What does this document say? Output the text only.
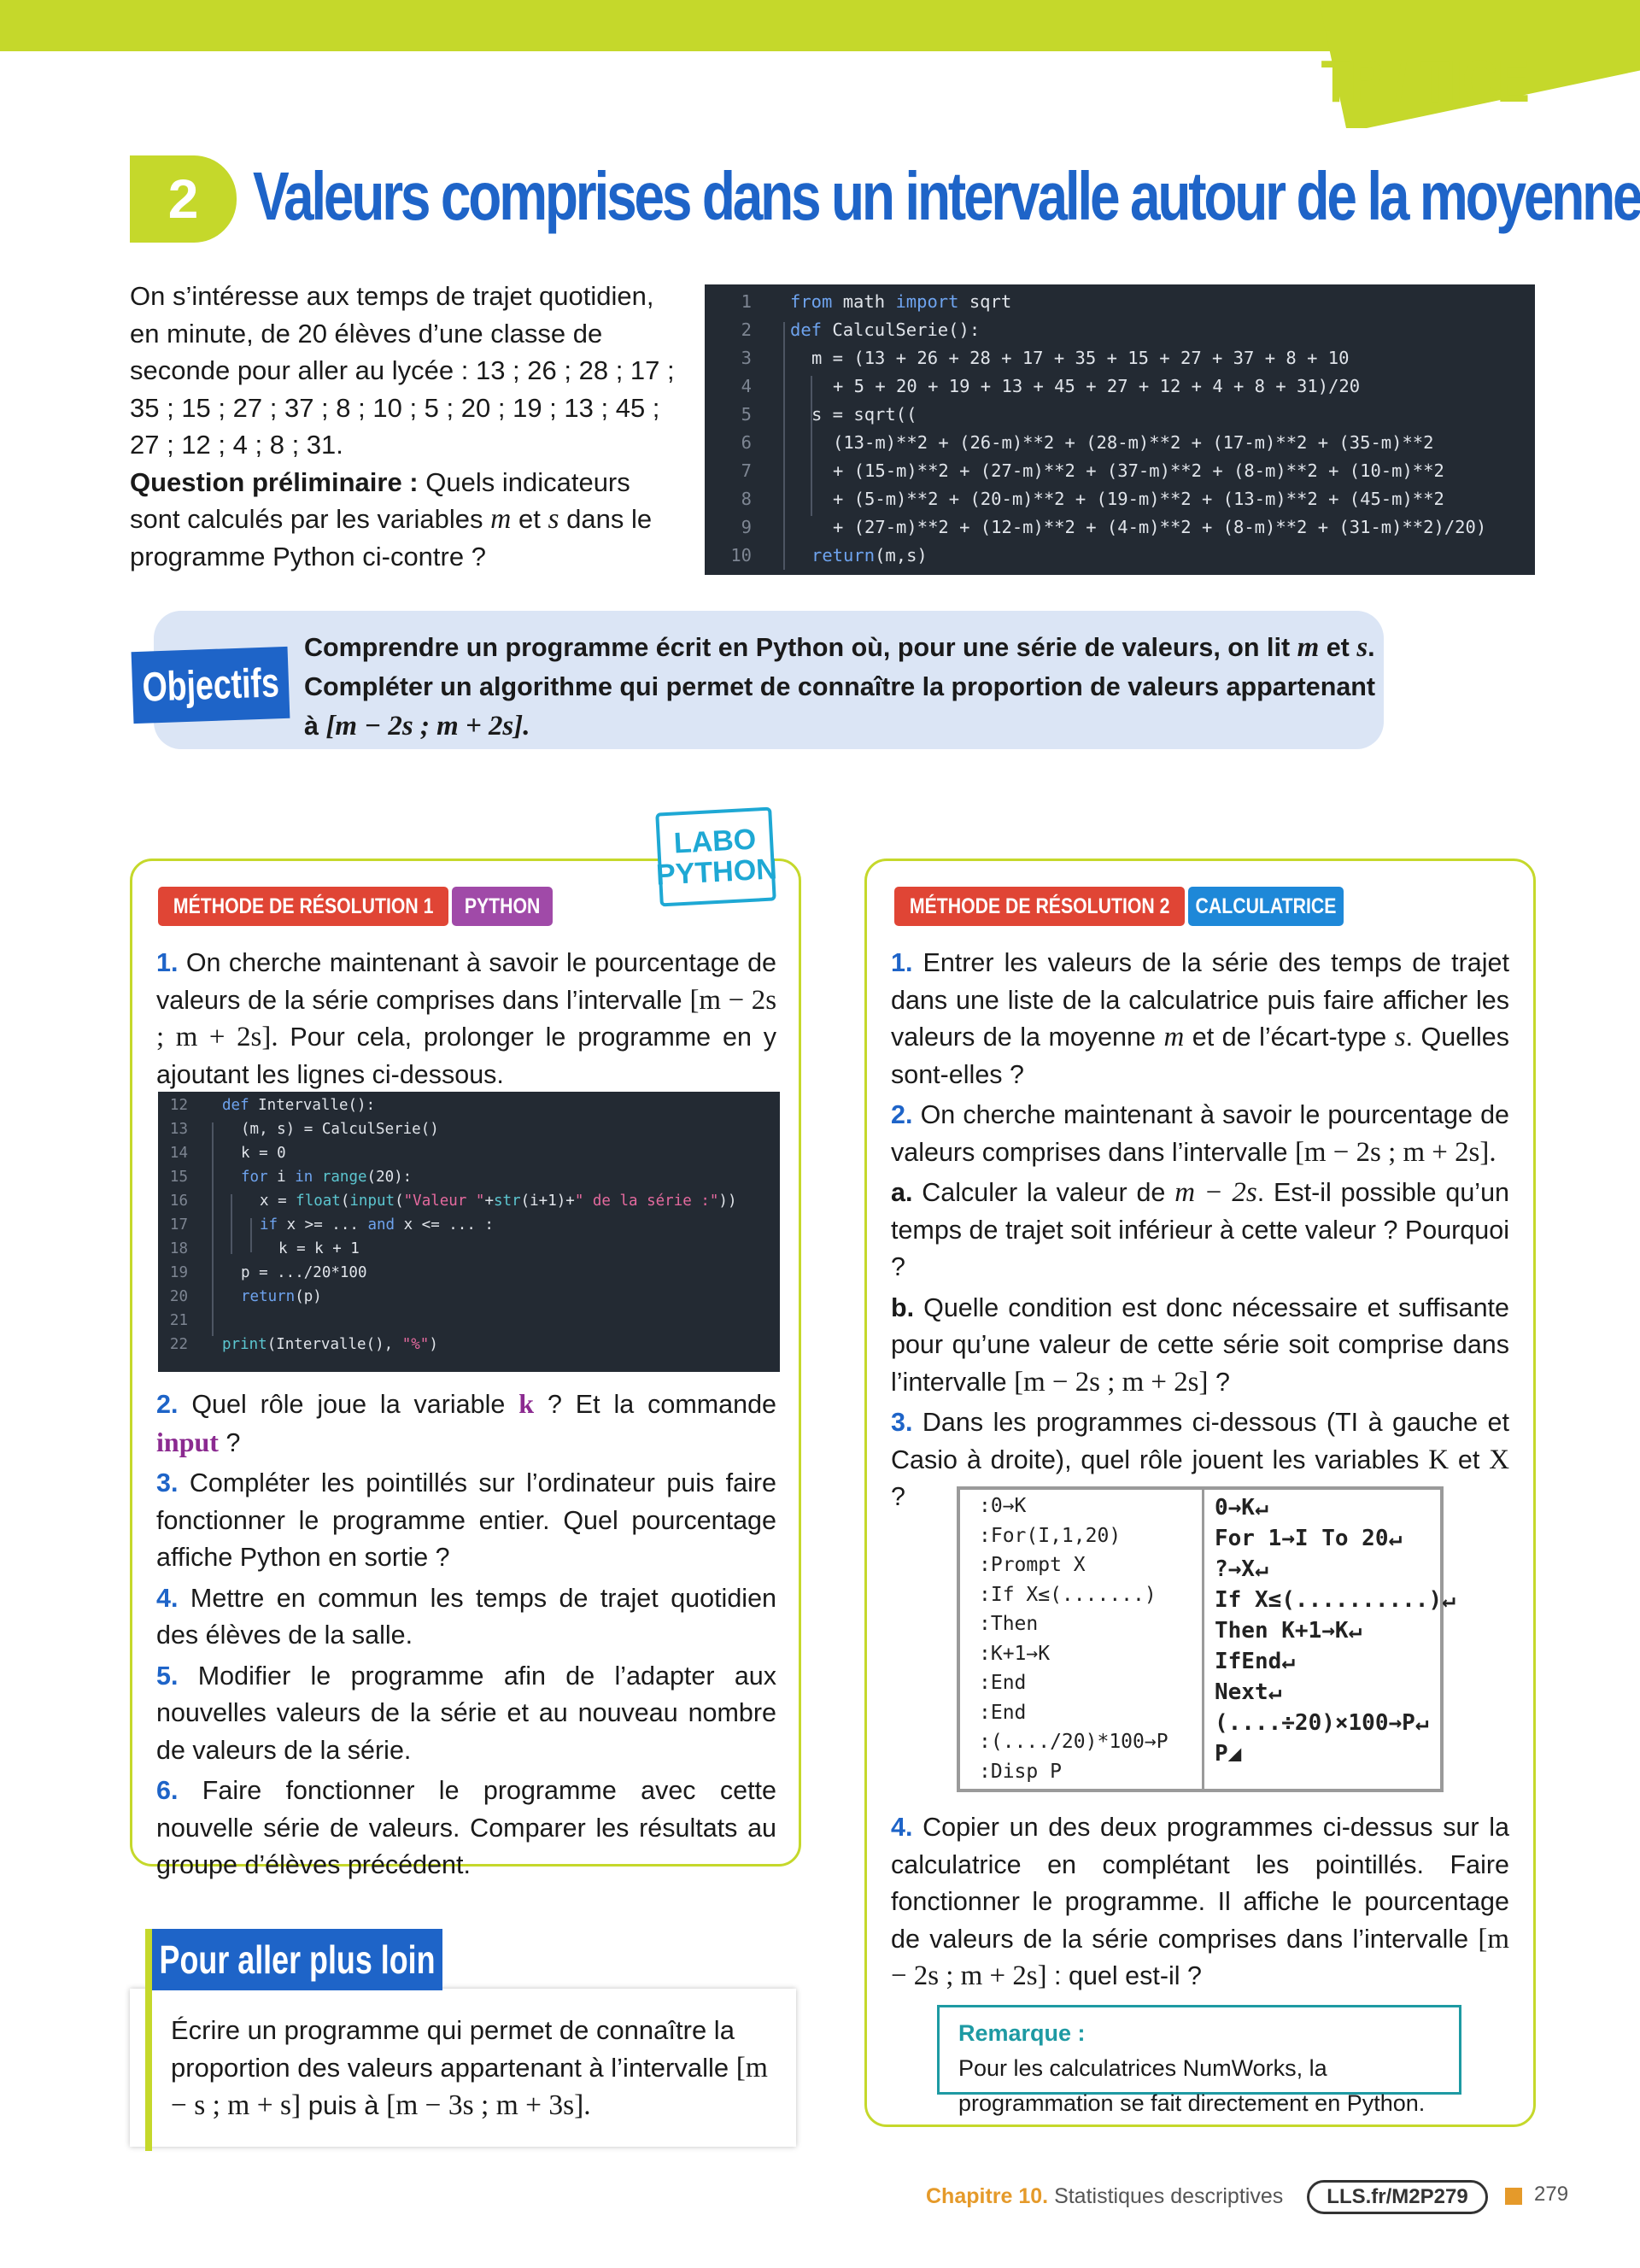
TP / TICE
2 Valeurs comprises dans un intervalle autour de la moyenne
On s’intéresse aux temps de trajet quotidien, en minute, de 20 élèves d’une classe de seconde pour aller au lycée : 13 ; 26 ; 28 ; 17 ; 35 ; 15 ; 27 ; 37 ; 8 ; 10 ; 5 ; 20 ; 19 ; 13 ; 45 ; 27 ; 12 ; 4 ; 8 ; 31.
Question préliminaire : Quels indicateurs sont calculés par les variables m et s dans le programme Python ci-contre ?
1
2
3
4
5
6
7
8
9
10
from math import sqrt
def CalculSerie():
m = (13 + 26 + 28 + 17 + 35 + 15 + 27 + 37 + 8 + 10
+ 5 + 20 + 19 + 13 + 45 + 27 + 12 + 4 + 8 + 31)/20
s = sqrt((
(13-m)**2 + (26-m)**2 + (28-m)**2 + (17-m)**2 + (35-m)**2
+ (15-m)**2 + (27-m)**2 + (37-m)**2 + (8-m)**2 + (10-m)**2
+ (5-m)**2 + (20-m)**2 + (19-m)**2 + (13-m)**2 + (45-m)**2
+ (27-m)**2 + (12-m)**2 + (4-m)**2 + (8-m)**2 + (31-m)**2)/20)
return(m,s)
Objectifs
Comprendre un programme écrit en Python où, pour une série de valeurs, on lit m et s.
Compléter un algorithme qui permet de connaître la proportion de valeurs appartenant
à [m − 2s ; m + 2s].
LABO
PYTHON
MÉTHODE DE RÉSOLUTION 1 PYTHON	MÉTHODE DE RÉSOLUTION 2 CALCULATRICE
1. On cherche maintenant à savoir le pourcentage de valeurs de la série comprises dans l’intervalle [m − 2s ; m + 2s]. Pour cela, prolonger le programme en y ajoutant les lignes ci-dessous.
12
13
14
15
16
17
18
19
20
21
22
def Intervalle():
(m, s) = CalculSerie()
k = 0
for i in range(20):
x = float(input("Valeur "+str(i+1)+" de la série :"))
if x >= ... and x <= ... :
k = k + 1
p = .../20*100
return(p)
print(Intervalle(), "%")

2. Quel rôle joue la variable k ? Et la commande input ?

3. Compléter les pointillés sur l’ordinateur puis faire fonctionner le programme entier. Quel pourcentage affiche Python en sortie ?

4. Mettre en commun les temps de trajet quotidien des élèves de la salle.

5. Modifier le programme afin de l’adapter aux nouvelles valeurs de la série et au nouveau nombre de valeurs de la série.

6. Faire fonctionner le programme avec cette nouvelle série de valeurs. Comparer les résultats au groupe d’élèves précédent.

1. Entrer les valeurs de la série des temps de trajet dans une liste de la calculatrice puis faire afficher les valeurs de la moyenne m et de l’écart-type s. Quelles sont-elles ?

2. On cherche maintenant à savoir le pourcentage de valeurs comprises dans l’intervalle [m − 2s ; m + 2s].

a. Calculer la valeur de m − 2s. Est-il possible qu’un temps de trajet soit inférieur à cette valeur ? Pourquoi ?

b. Quelle condition est donc nécessaire et suffisante pour qu’une valeur de cette série soit comprise dans l’intervalle [m − 2s ; m + 2s] ?

3. Dans les programmes ci-dessous (TI à gauche et Casio à droite), quel rôle jouent les variables K et X ?	:0→K
:For(I,1,20)
:Prompt X
:If X≤(.......)
:Then
:K+1→K
:End
:End
:(..../20)*100→P
:Disp P
0→K↵
For 1→I To 20↵
?→X↵
If X≤(..........)↵
Then K+1→K↵
IfEnd↵
Next↵
(....÷20)×100→P↵
P◢
4. Copier un des deux programmes ci-dessus sur la calculatrice en complétant les pointillés. Faire fonctionner le programme. Il affiche le pourcentage de valeurs de la série comprises dans l’intervalle [m − 2s ; m + 2s] : quel est-il ?
Remarque : Pour les calculatrices NumWorks, la
programmation se fait directement en Python.
Pour aller plus loin
Écrire un programme qui permet de connaître la proportion des valeurs appartenant à l’intervalle [m − s ; m + s] puis à [m − 3s ; m + 3s].
Chapitre 10. Statistiques descriptives	LLS.fr/M2P279	279
